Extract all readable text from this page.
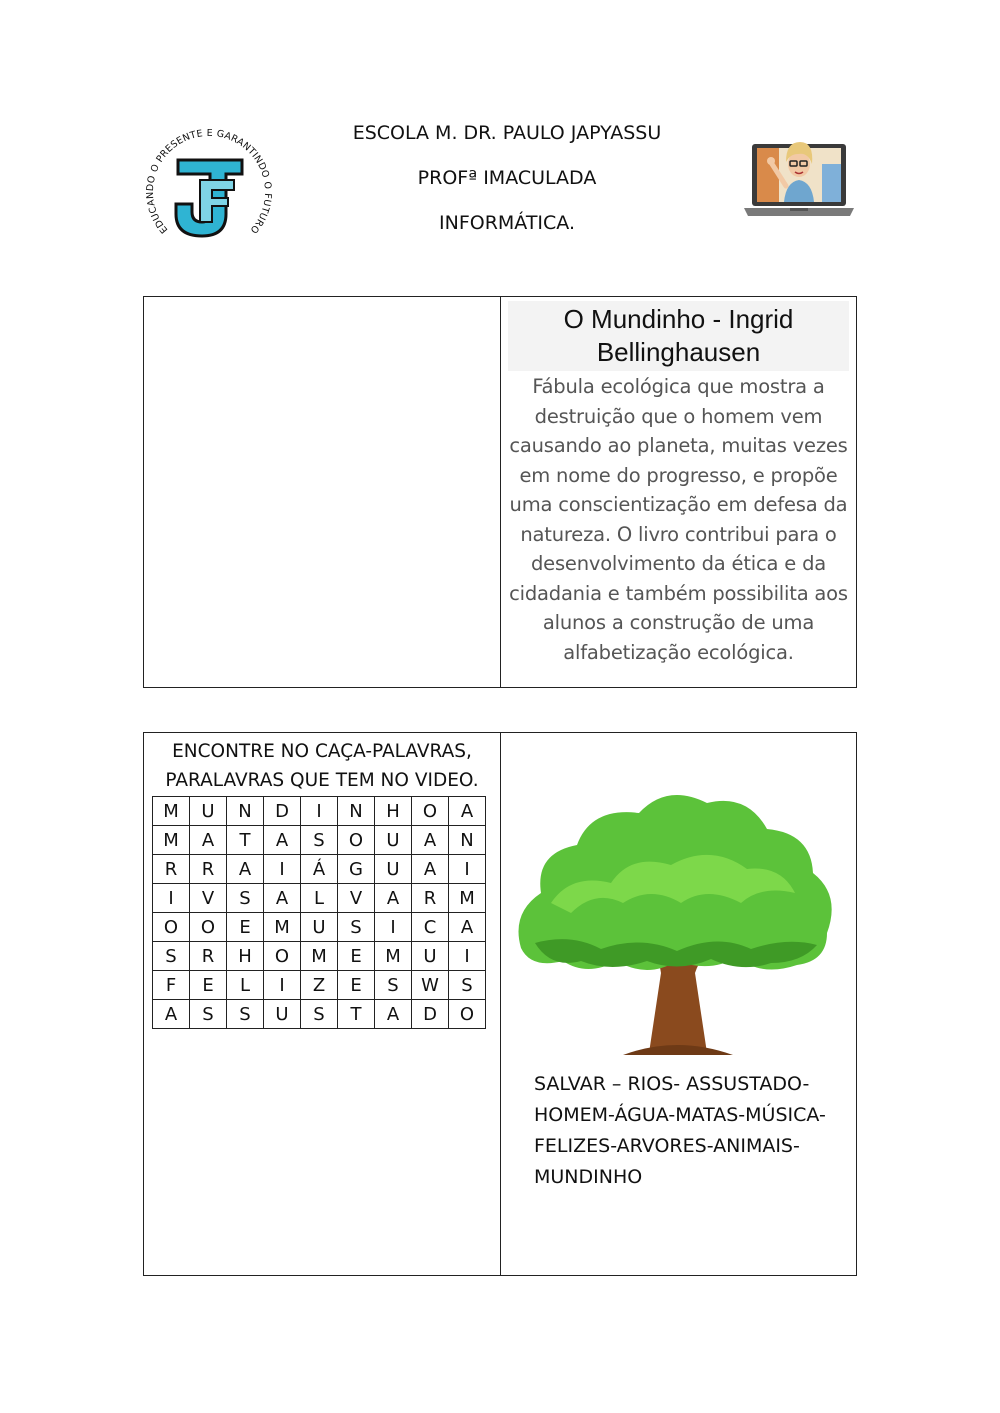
EDUCANDO O PRESENTE E GARANTINDO O FUTURO
JF
ESCOLA M. DR. PAULO JAPYASSU
PROFª IMACULADA
INFORMÁTICA.
O Mundinho - Ingrid Bellinghausen
Fábula ecológica que mostra a destruição que o homem vem causando ao planeta, muitas vezes em nome do progresso, e propõe uma conscientização em defesa da natureza. O livro contribui para o desenvolvimento da ética e da cidadania e também possibilita aos alunos a construção de uma alfabetização ecológica.
ENCONTRE NO CAÇA-PALAVRAS, PARALAVRAS QUE TEM NO VIDEO.
M	U	N	D	I	N	H	O	A
M	A	T	A	S	O	U	A	N
R	R	A	I	Á	G	U	A	I
I	V	S	A	L	V	A	R	M
O	O	E	M	U	S	I	C	A
S	R	H	O	M	E	M	U	I
F	E	L	I	Z	E	S	W	S
A	S	S	U	S	T	A	D	O
SALVAR – RIOS- ASSUSTADO-HOMEM-ÁGUA-MATAS-MÚSICA-FELIZES-ARVORES-ANIMAIS-MUNDINHO
